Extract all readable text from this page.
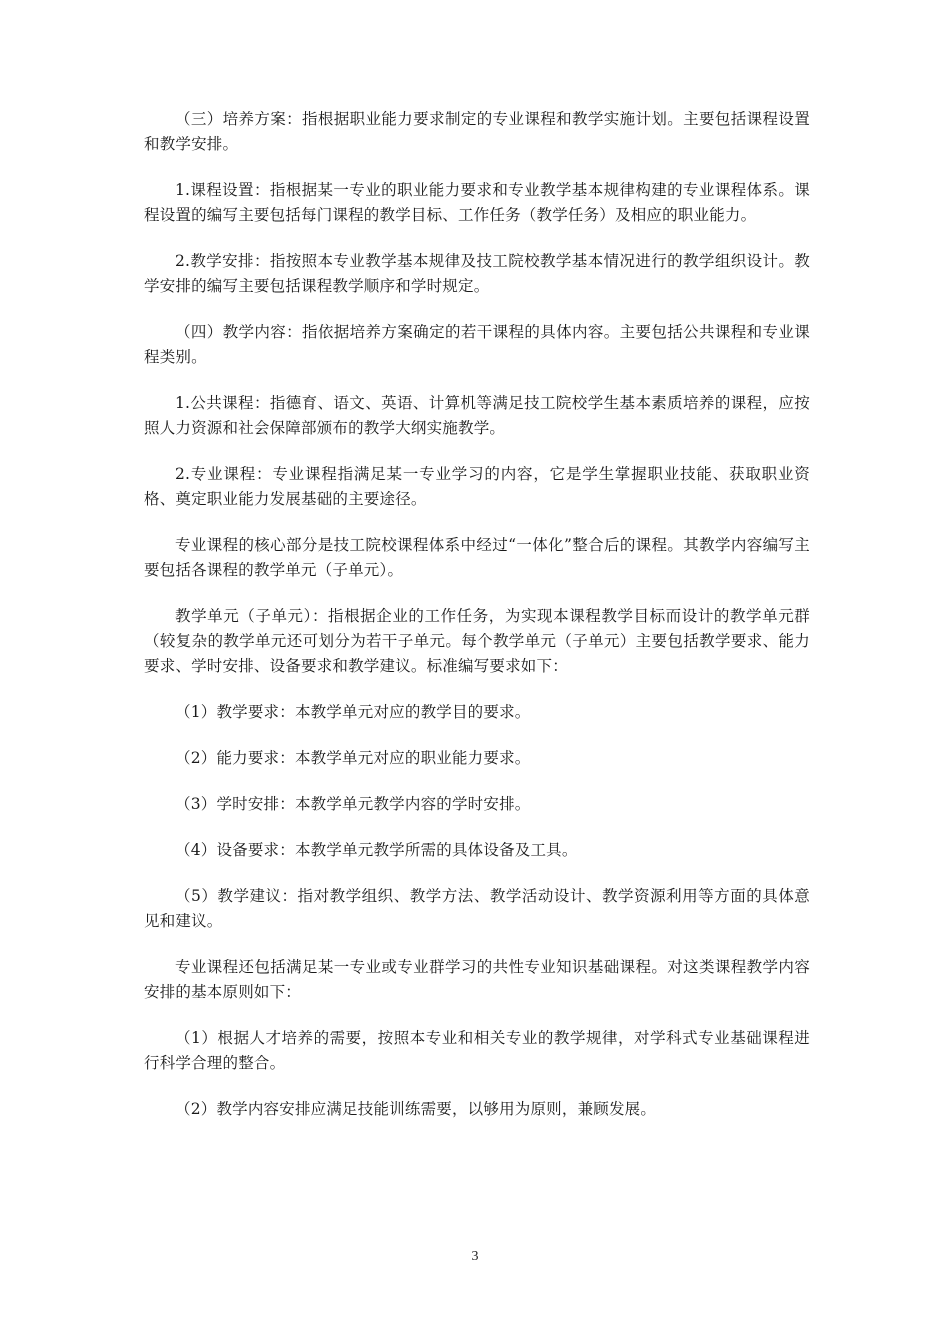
（三）培养方案：指根据职业能力要求制定的专业课程和教学实施计划。主要包括课程设置和教学安排。

1.课程设置：指根据某一专业的职业能力要求和专业教学基本规律构建的专业课程体系。课程设置的编写主要包括每门课程的教学目标、工作任务（教学任务）及相应的职业能力。

2.教学安排：指按照本专业教学基本规律及技工院校教学基本情况进行的教学组织设计。教学安排的编写主要包括课程教学顺序和学时规定。

（四）教学内容：指依据培养方案确定的若干课程的具体内容。主要包括公共课程和专业课程类别。

1.公共课程：指德育、语文、英语、计算机等满足技工院校学生基本素质培养的课程，应按照人力资源和社会保障部颁布的教学大纲实施教学。

2.专业课程：专业课程指满足某一专业学习的内容，它是学生掌握职业技能、获取职业资格、奠定职业能力发展基础的主要途径。

专业课程的核心部分是技工院校课程体系中经过“一体化”整合后的课程。其教学内容编写主要包括各课程的教学单元（子单元）。

教学单元（子单元）：指根据企业的工作任务，为实现本课程教学目标而设计的教学单元群（较复杂的教学单元还可划分为若干子单元。每个教学单元（子单元）主要包括教学要求、能力要求、学时安排、设备要求和教学建议。标准编写要求如下：

（1）教学要求：本教学单元对应的教学目的要求。

（2）能力要求：本教学单元对应的职业能力要求。

（3）学时安排：本教学单元教学内容的学时安排。

（4）设备要求：本教学单元教学所需的具体设备及工具。

（5）教学建议：指对教学组织、教学方法、教学活动设计、教学资源利用等方面的具体意见和建议。

专业课程还包括满足某一专业或专业群学习的共性专业知识基础课程。对这类课程教学内容安排的基本原则如下：

（1）根据人才培养的需要，按照本专业和相关专业的教学规律，对学科式专业基础课程进行科学合理的整合。

（2）教学内容安排应满足技能训练需要，以够用为原则，兼顾发展。

3
